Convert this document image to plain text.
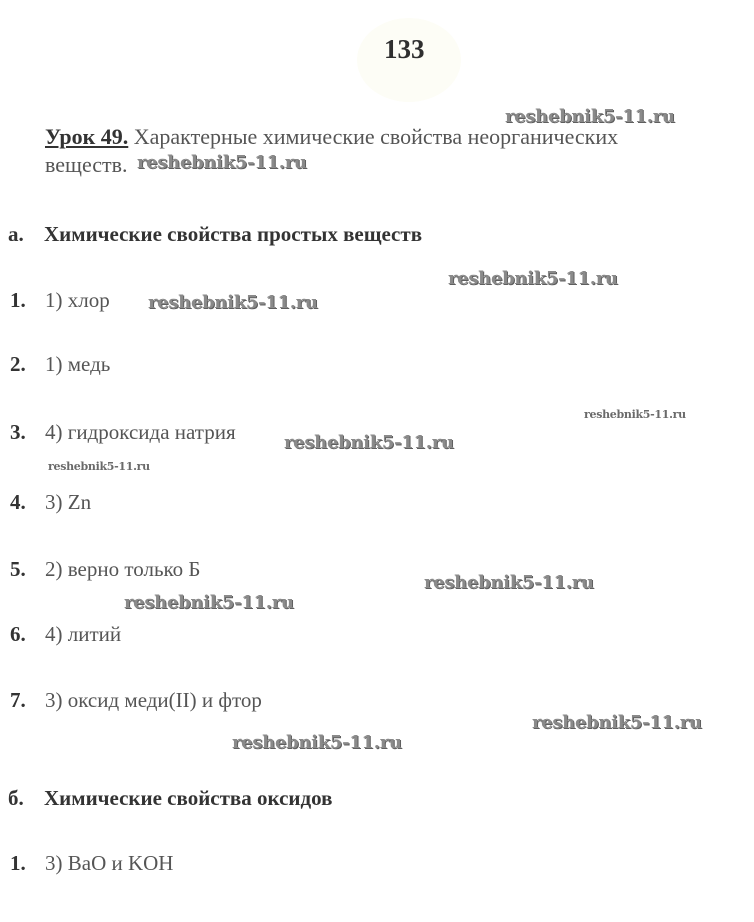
133
Урок 49. Характерные химические свойства неорганических
веществ.
а. Химические свойства простых веществ
1. 1) хлор
2. 1) медь
3. 4) гидроксида натрия
4. 3) Zn
5. 2) верно только Б
6. 4) литий
7. 3) оксид меди(II) и фтор
б. Химические свойства оксидов
1. 3) BaO и KOH
reshebnik5-11.ru
reshebnik5-11.ru
reshebnik5-11.ru
reshebnik5-11.ru
reshebnik5-11.ru
reshebnik5-11.ru
reshebnik5-11.ru
reshebnik5-11.ru
reshebnik5-11.ru
reshebnik5-11.ru
reshebnik5-11.ru
